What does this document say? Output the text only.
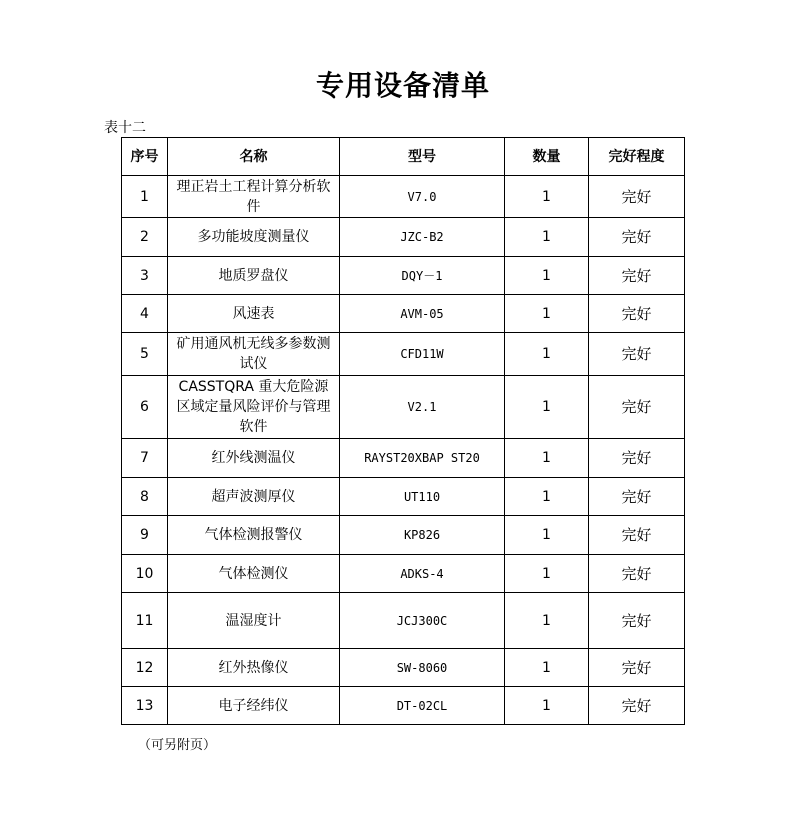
专用设备清单
表十二
序号	名称	型号	数量	完好程度
1	理正岩土工程计算分析软件	V7.0	1	完好
2	多功能坡度测量仪	JZC-B2	1	完好
3	地质罗盘仪	DQY－1	1	完好
4	风速表	AVM-05	1	完好
5	矿用通风机无线多参数测试仪	CFD11W	1	完好
6	CASSTQRA 重大危险源区域定量风险评价与管理软件	V2.1	1	完好
7	红外线测温仪	RAYST20XBAP ST20	1	完好
8	超声波测厚仪	UT110	1	完好
9	气体检测报警仪	KP826	1	完好
10	气体检测仪	ADKS-4	1	完好
11	温湿度计	JCJ300C	1	完好
12	红外热像仪	SW-8060	1	完好
13	电子经纬仪	DT-02CL	1	完好
（可另附页）
